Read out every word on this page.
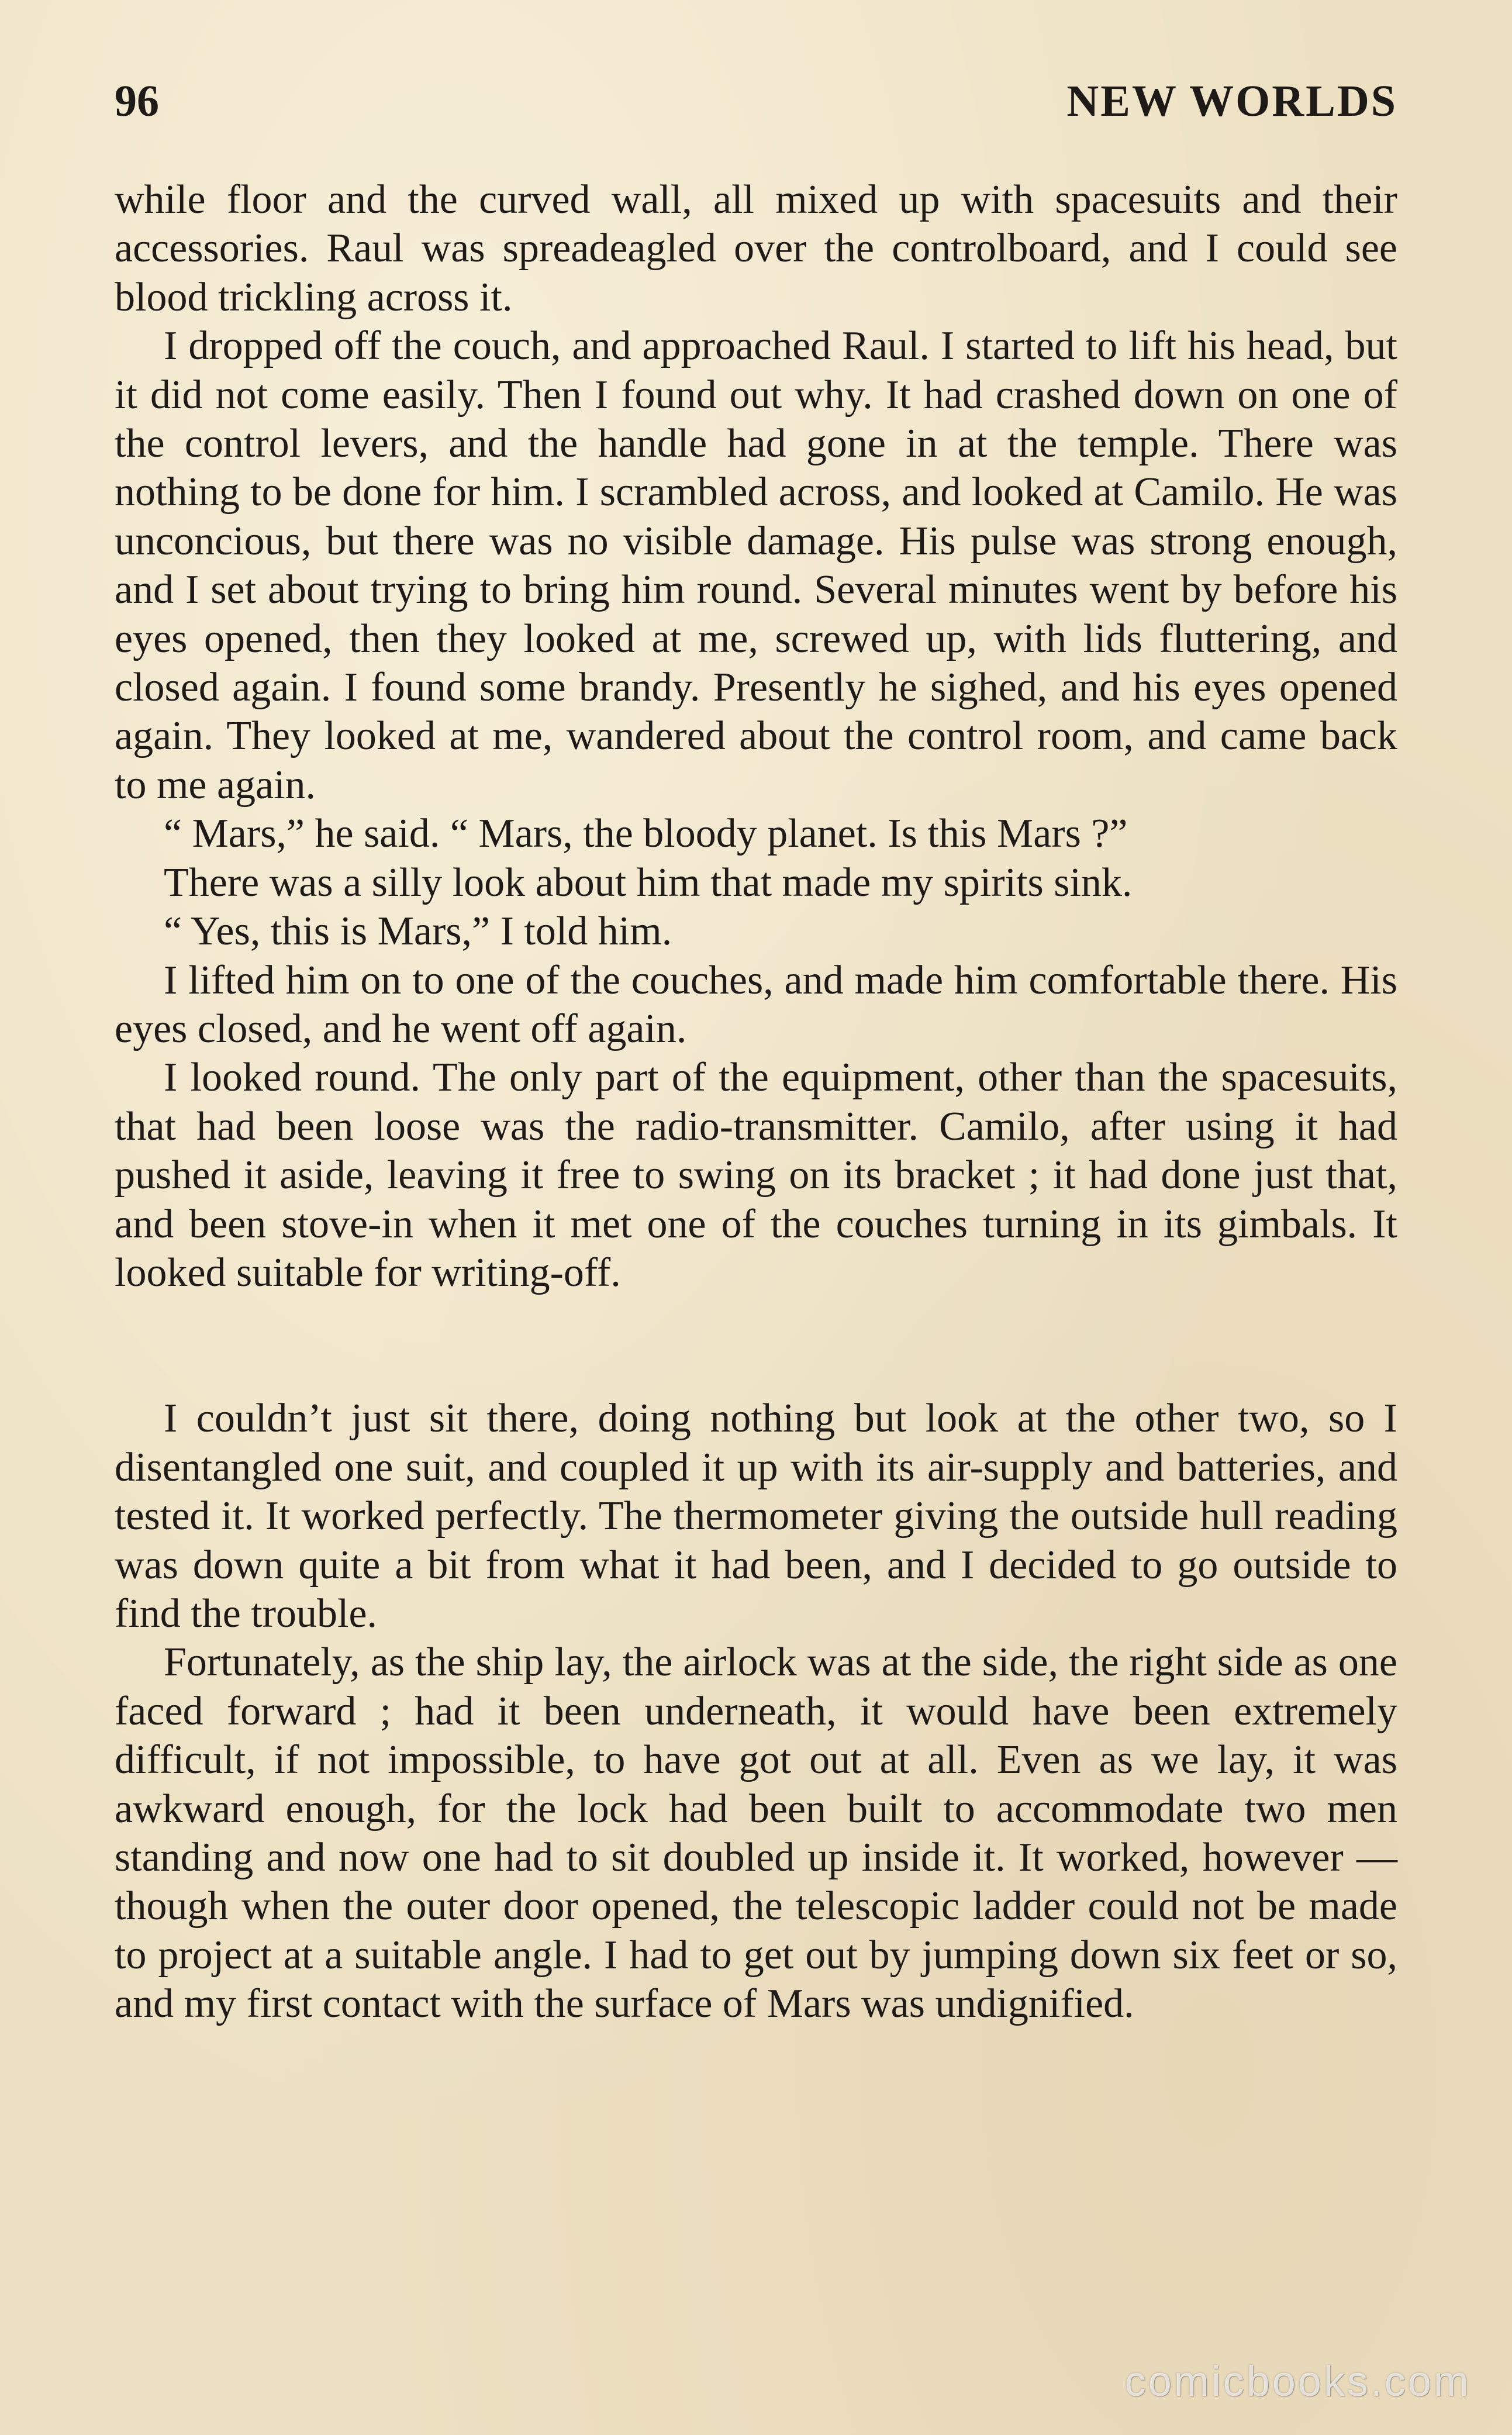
96	NEW WORLDS

while floor and the curved wall, all mixed up with spacesuits and their accessories. Raul was spreadeagled over the controlboard, and I could see blood trickling across it.

I dropped off the couch, and approached Raul. I started to lift his head, but it did not come easily. Then I found out why. It had crashed down on one of the control levers, and the handle had gone in at the temple. There was nothing to be done for him. I scrambled across, and looked at Camilo. He was unconcious, but there was no visible damage. His pulse was strong enough, and I set about trying to bring him round. Several minutes went by before his eyes opened, then they looked at me, screwed up, with lids fluttering, and closed again. I found some brandy. Presently he sighed, and his eyes opened again. They looked at me, wandered about the control room, and came back to me again.

“ Mars,” he said. “ Mars, the bloody planet. Is this Mars ?”

There was a silly look about him that made my spirits sink.

“ Yes, this is Mars,” I told him.

I lifted him on to one of the couches, and made him comfortable there. His eyes closed, and he went off again.

I looked round. The only part of the equipment, other than the spacesuits, that had been loose was the radio-transmitter. Camilo, after using it had pushed it aside, leaving it free to swing on its bracket ; it had done just that, and been stove-in when it met one of the couches turning in its gimbals. It looked suitable for writing-off.

I couldn’t just sit there, doing nothing but look at the other two, so I disentangled one suit, and coupled it up with its air-supply and batteries, and tested it. It worked perfectly. The thermometer giving the outside hull reading was down quite a bit from what it had been, and I decided to go outside to find the trouble.

Fortunately, as the ship lay, the airlock was at the side, the right side as one faced forward ; had it been underneath, it would have been extremely difficult, if not impossible, to have got out at all. Even as we lay, it was awkward enough, for the lock had been built to accommodate two men standing and now one had to sit doubled up inside it. It worked, however —though when the outer door opened, the telescopic ladder could not be made to project at a suitable angle. I had to get out by jumping down six feet or so, and my first contact with the surface of Mars was undignified.

comicbooks.com
